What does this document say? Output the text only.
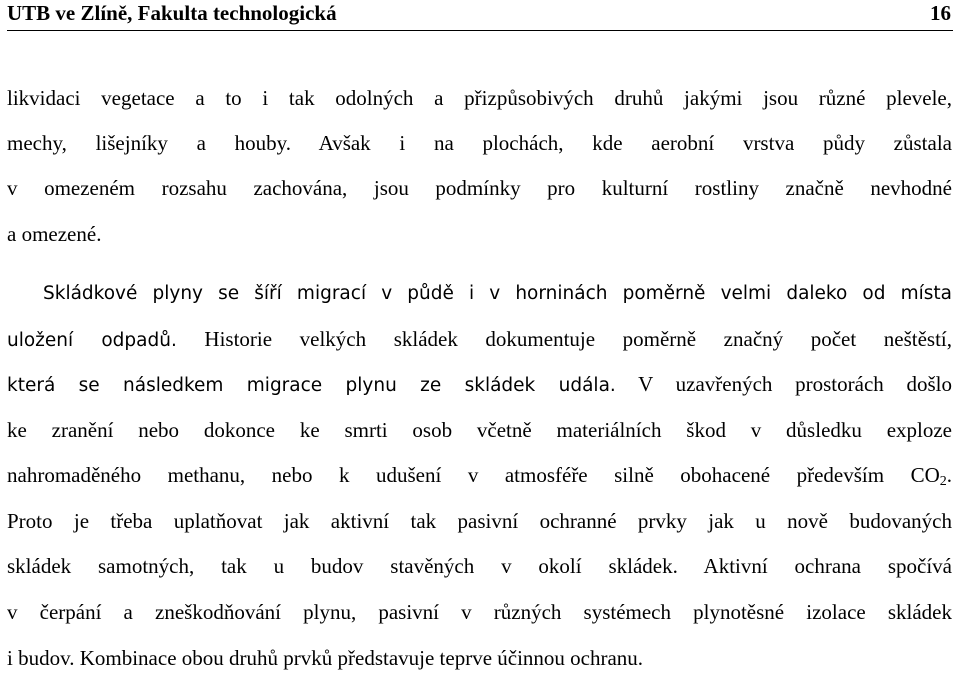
UTB ve Zlíně, Fakulta technologická	16
likvidaci vegetace a to i tak odolných a přizpůsobivých druhů jakými jsou různé plevele,
mechy, lišejníky a houby. Avšak i na plochách, kde aerobní vrstva půdy zůstala
v omezeném rozsahu zachována, jsou podmínky pro kulturní rostliny značně nevhodné
a omezené.
Skládkové plyny se šíří migrací v půdě i v horninách poměrně velmi daleko od místa
uložení odpadů. Historie velkých skládek dokumentuje poměrně značný počet neštěstí,
která se následkem migrace plynu ze skládek udála. V uzavřených prostorách došlo
ke zranění nebo dokonce ke smrti osob včetně materiálních škod v důsledku exploze
nahromaděného methanu, nebo k udušení v atmosféře silně obohacené především $CO_2$.
Proto je třeba uplatňovat jak aktivní tak pasivní ochranné prvky jak u nově budovaných
skládek samotných, tak u budov stavěných v okolí skládek. Aktivní ochrana spočívá
v čerpání a zneškodňování plynu, pasivní v různých systémech plynotěsné izolace skládek
i budov. Kombinace obou druhů prvků představuje teprve účinnou ochranu.
